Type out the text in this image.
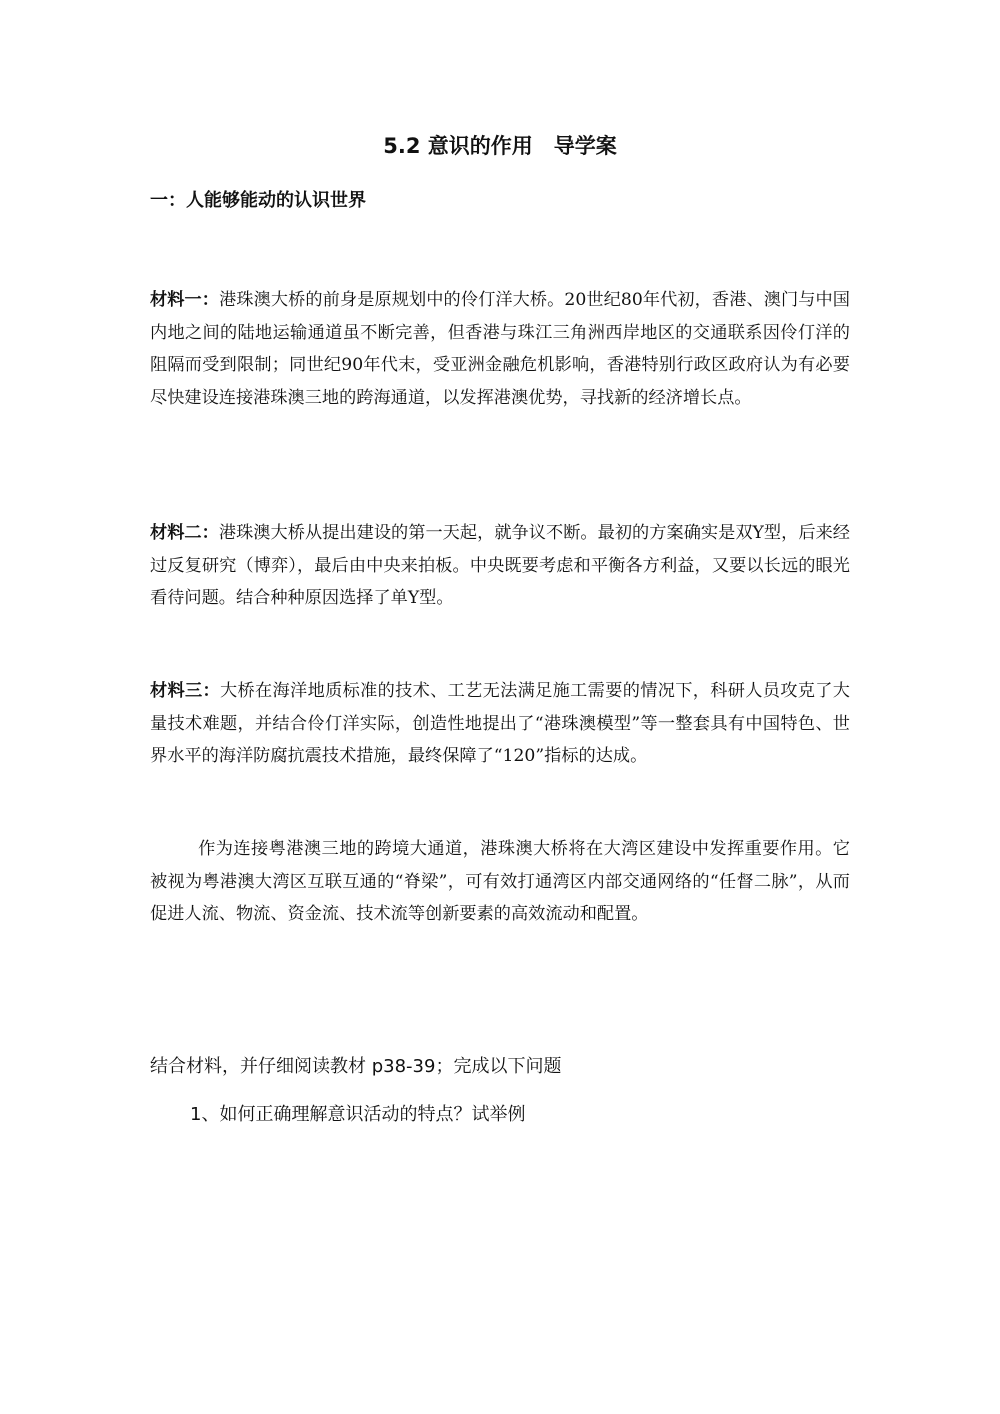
5.2 意识的作用　导学案
一：人能够能动的认识世界
材料一：港珠澳大桥的前身是原规划中的伶仃洋大桥。20世纪80年代初，香港、澳门与中国内地之间的陆地运输通道虽不断完善，但香港与珠江三角洲西岸地区的交通联系因伶仃洋的阻隔而受到限制；同世纪90年代末，受亚洲金融危机影响，香港特别行政区政府认为有必要尽快建设连接港珠澳三地的跨海通道，以发挥港澳优势，寻找新的经济增长点。
材料二：港珠澳大桥从提出建设的第一天起，就争议不断。最初的方案确实是双Y型，后来经过反复研究（博弈），最后由中央来拍板。中央既要考虑和平衡各方利益，又要以长远的眼光看待问题。结合种种原因选择了单Y型。
材料三：大桥在海洋地质标准的技术、工艺无法满足施工需要的情况下，科研人员攻克了大量技术难题，并结合伶仃洋实际，创造性地提出了“港珠澳模型”等一整套具有中国特色、世界水平的海洋防腐抗震技术措施，最终保障了“120”指标的达成。
作为连接粤港澳三地的跨境大通道，港珠澳大桥将在大湾区建设中发挥重要作用。它被视为粤港澳大湾区互联互通的“脊梁”，可有效打通湾区内部交通网络的“任督二脉”，从而促进人流、物流、资金流、技术流等创新要素的高效流动和配置。
结合材料，并仔细阅读教材 p38-39；完成以下问题
1、如何正确理解意识活动的特点？试举例
